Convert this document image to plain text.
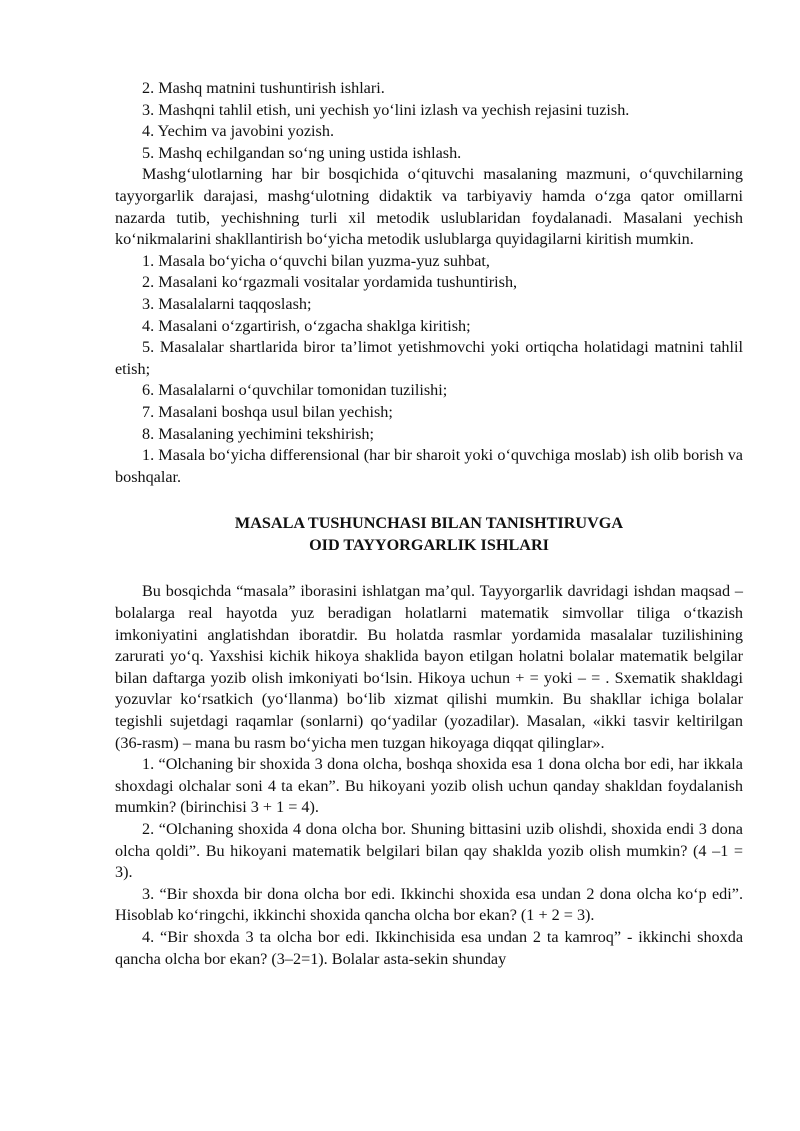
2. Mashq matnini tushuntirish ishlari.

3. Mashqni tahlil etish, uni yechish yo‘lini izlash va yechish rejasini tuzish.

4. Yechim va javobini yozish.

5. Mashq echilgandan so‘ng uning ustida ishlash.

Mashg‘ulotlarning har bir bosqichida o‘qituvchi masalaning mazmuni, o‘quvchilarning tayyorgarlik darajasi, mashg‘ulotning didaktik va tarbiyaviy hamda o‘zga qator omillarni nazarda tutib, yechishning turli xil metodik uslublaridan foydalanadi. Masalani yechish ko‘nikmalarini shakllantirish bo‘yicha metodik uslublarga quyidagilarni kiritish mumkin.

1. Masala bo‘yicha o‘quvchi bilan yuzma-yuz suhbat,

2. Masalani ko‘rgazmali vositalar yordamida tushuntirish,

3. Masalalarni taqqoslash;

4. Masalani o‘zgartirish, o‘zgacha shaklga kiritish;

5. Masalalar shartlarida biror ta’limot yetishmovchi yoki ortiqcha holatidagi matnini tahlil etish;

6. Masalalarni o‘quvchilar tomonidan tuzilishi;

7. Masalani boshqa usul bilan yechish;

8. Masalaning yechimini tekshirish;

1. Masala bo‘yicha differensional (har bir sharoit yoki o‘quvchiga moslab) ish olib borish va boshqalar.

MASALA TUSHUNCHASI BILAN TANISHTIRUVGA
OID TAYYORGARLIK ISHLARI

Bu bosqichda “masala” iborasini ishlatgan ma’qul. Tayyorgarlik davridagi ishdan maqsad – bolalarga real hayotda yuz beradigan holatlarni matematik simvollar tiliga o‘tkazish imkoniyatini anglatishdan iboratdir. Bu holatda rasmlar yordamida masalalar tuzilishining zarurati yo‘q. Yaxshisi kichik hikoya shaklida bayon etilgan holatni bolalar matematik belgilar bilan daftarga yozib olish imkoniyati bo‘lsin. Hikoya uchun + = yoki – = . Sxematik shakldagi yozuvlar ko‘rsatkich (yo‘llanma) bo‘lib xizmat qilishi mumkin. Bu shakllar ichiga bolalar tegishli sujetdagi raqamlar (sonlarni) qo‘yadilar (yozadilar). Masalan, «ikki tasvir keltirilgan (36-rasm) – mana bu rasm bo‘yicha men tuzgan hikoyaga diqqat qilinglar».

1. “Olchaning bir shoxida 3 dona olcha, boshqa shoxida esa 1 dona olcha bor edi, har ikkala shoxdagi olchalar soni 4 ta ekan”. Bu hikoyani yozib olish uchun qanday shakldan foydalanish mumkin? (birinchisi 3 + 1 = 4).

2. “Olchaning shoxida 4 dona olcha bor. Shuning bittasini uzib olishdi, shoxida endi 3 dona olcha qoldi”. Bu hikoyani matematik belgilari bilan qay shaklda yozib olish mumkin? (4 –1 = 3).

3. “Bir shoxda bir dona olcha bor edi. Ikkinchi shoxida esa undan 2 dona olcha ko‘p edi”. Hisoblab ko‘ringchi, ikkinchi shoxida qancha olcha bor ekan? (1 + 2 = 3).

4. “Bir shoxda 3 ta olcha bor edi. Ikkinchisida esa undan 2 ta kamroq” - ikkinchi shoxda qancha olcha bor ekan? (3–2=1). Bolalar asta-sekin shunday
